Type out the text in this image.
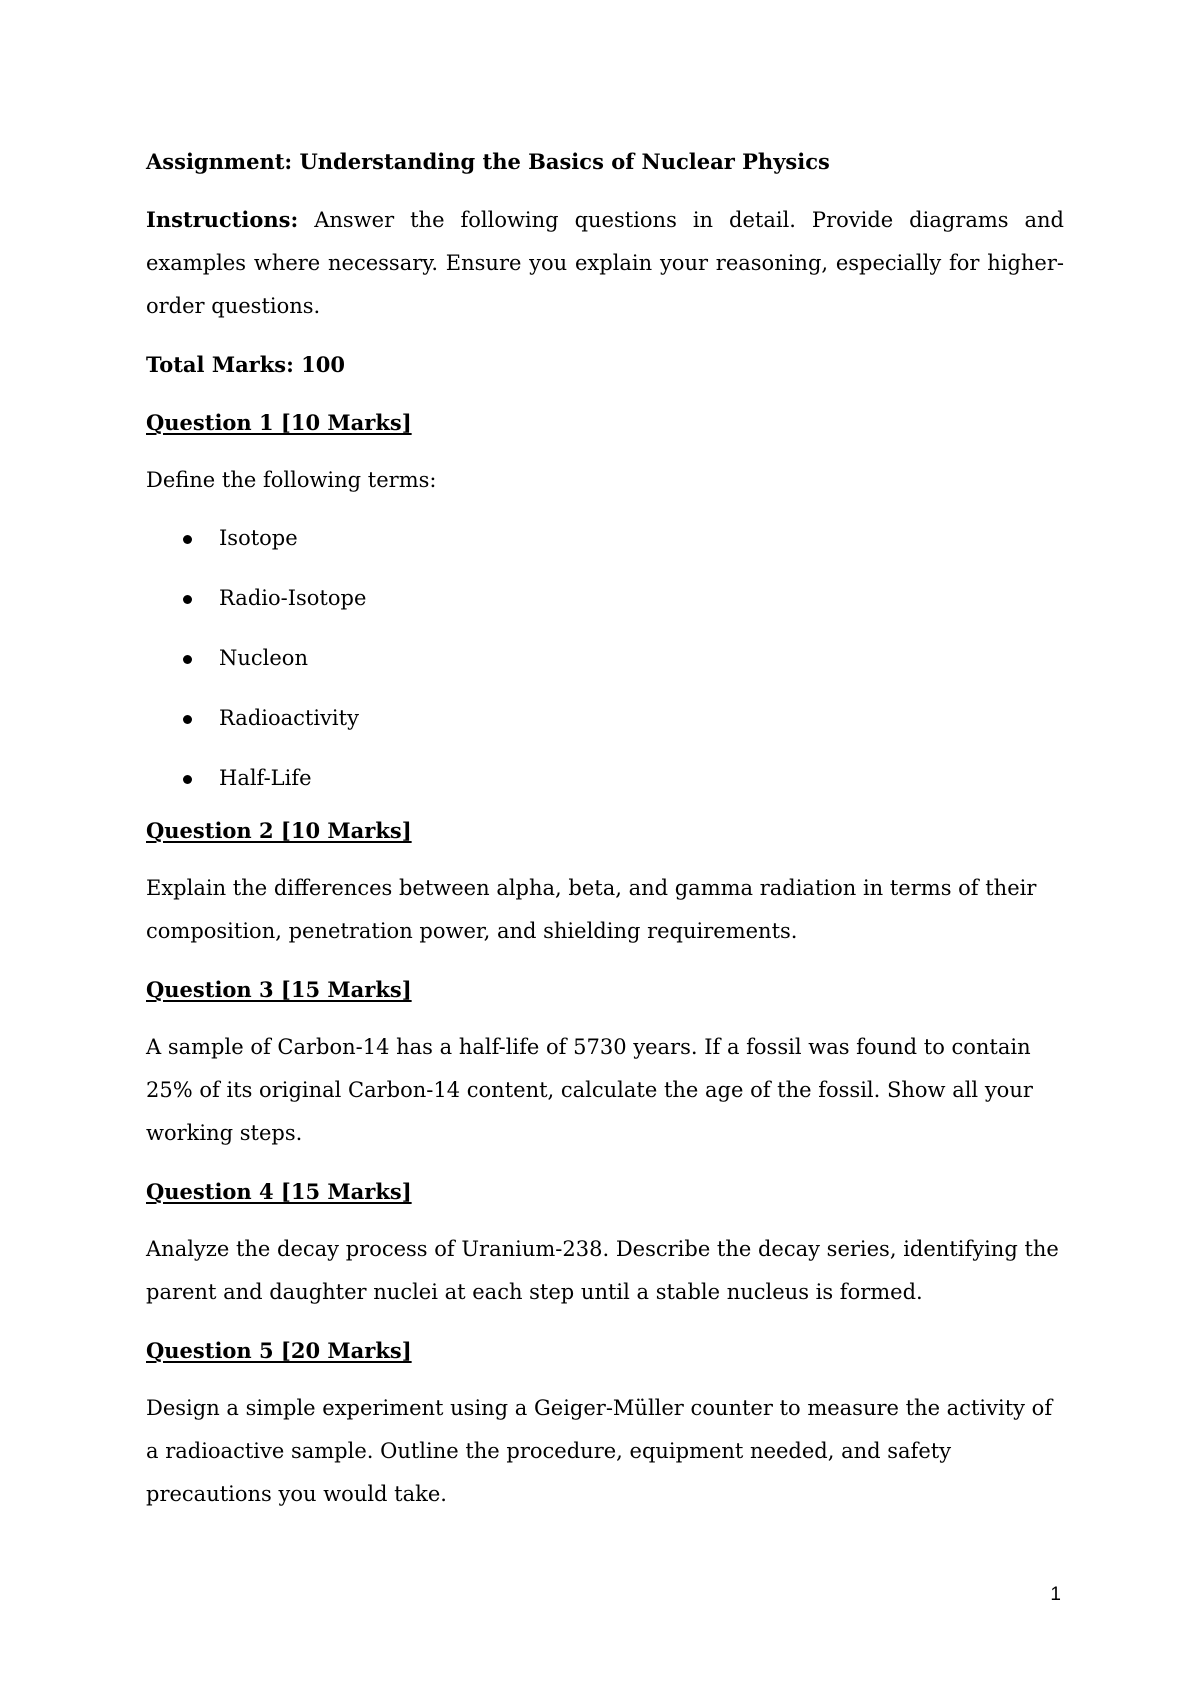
Assignment: Understanding the Basics of Nuclear Physics

Instructions: Answer the following questions in detail. Provide diagrams and examples where necessary. Ensure you explain your reasoning, especially for higher-order questions.

Total Marks: 100

Question 1 [10 Marks]

Define the following terms:

Isotope
Radio-Isotope
Nucleon
Radioactivity
Half-Life

Question 2 [10 Marks]

Explain the differences between alpha, beta, and gamma radiation in terms of their composition, penetration power, and shielding requirements.

Question 3 [15 Marks]

A sample of Carbon-14 has a half-life of 5730 years. If a fossil was found to contain 25% of its original Carbon-14 content, calculate the age of the fossil. Show all your working steps.

Question 4 [15 Marks]

Analyze the decay process of Uranium-238. Describe the decay series, identifying the parent and daughter nuclei at each step until a stable nucleus is formed.

Question 5 [20 Marks]

Design a simple experiment using a Geiger-Müller counter to measure the activity of a radioactive sample. Outline the procedure, equipment needed, and safety precautions you would take.

1
